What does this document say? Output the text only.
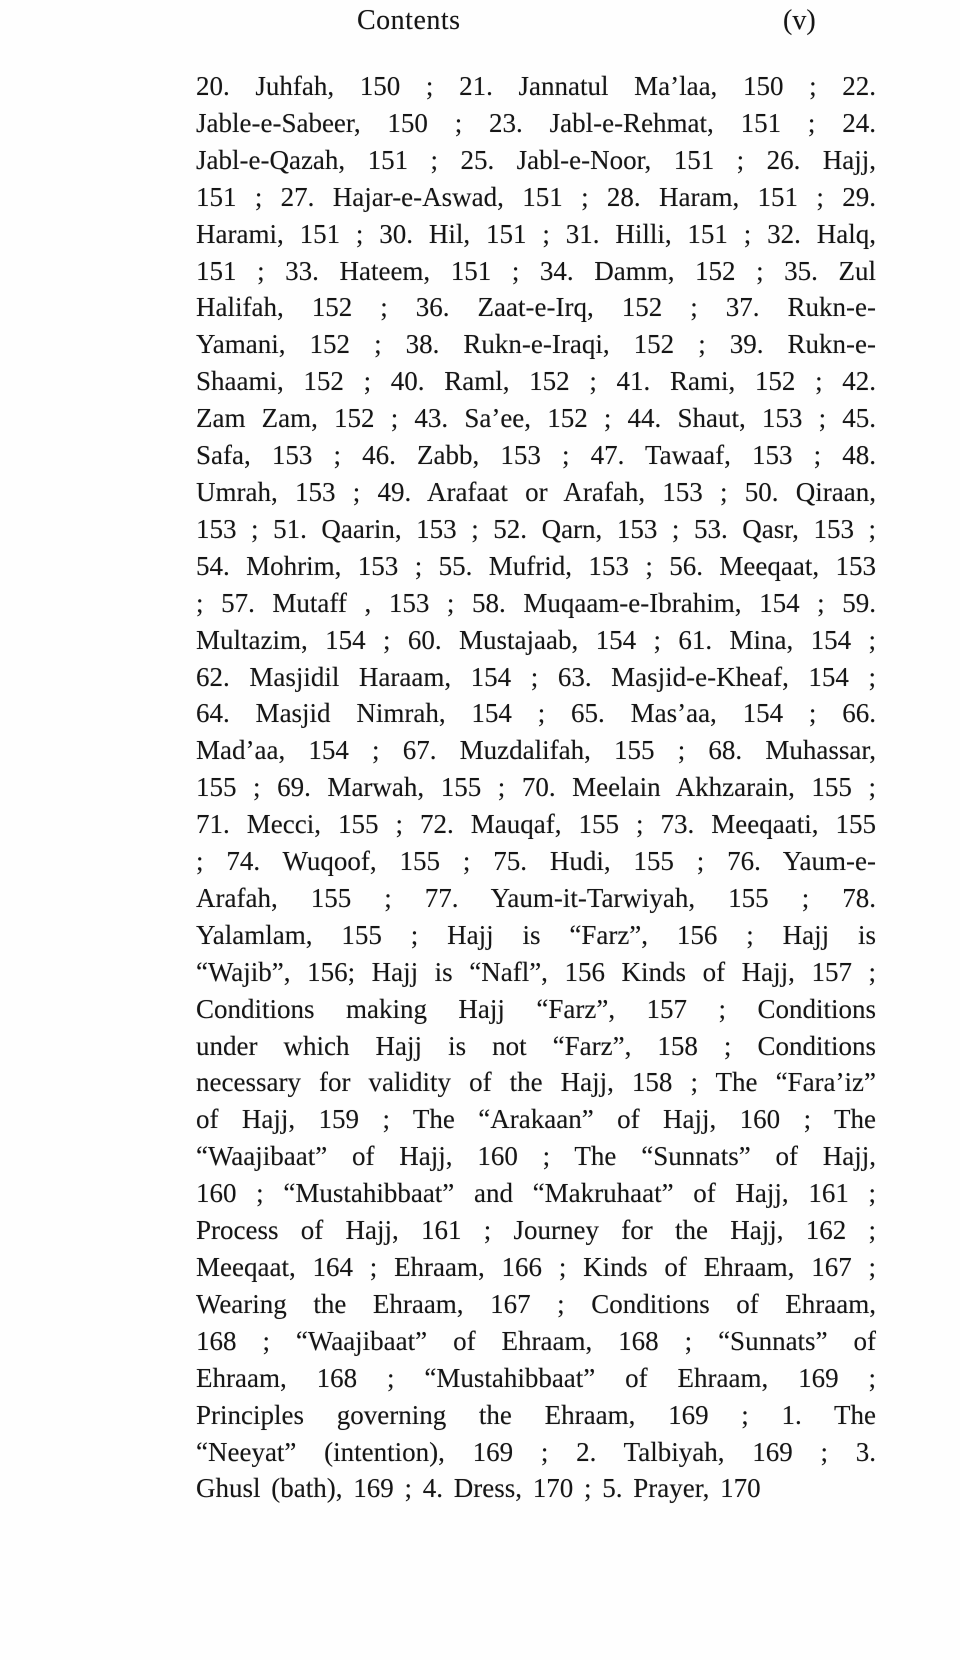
Contents	(v)
20. Juhfah, 150 ; 21. Jannatul Ma’laa, 150 ; 22.
Jable-e-Sabeer, 150 ; 23. Jabl-e-Rehmat, 151 ; 24.
Jabl-e-Qazah, 151 ; 25. Jabl-e-Noor, 151 ; 26. Hajj,
151 ; 27. Hajar-e-Aswad, 151 ; 28. Haram, 151 ; 29.
Harami, 151 ; 30. Hil, 151 ; 31. Hilli, 151 ; 32. Halq,
151 ; 33. Hateem, 151 ; 34. Damm, 152 ; 35. Zul
Halifah, 152 ; 36. Zaat-e-Irq, 152 ; 37. Rukn-e-
Yamani, 152 ; 38. Rukn-e-Iraqi, 152 ; 39. Rukn-e-
Shaami, 152 ; 40. Raml, 152 ; 41. Rami, 152 ; 42.
Zam Zam, 152 ; 43. Sa’ee, 152 ; 44. Shaut, 153 ; 45.
Safa, 153 ; 46. Zabb, 153 ; 47. Tawaaf, 153 ; 48.
Umrah, 153 ; 49. Arafaat or Arafah, 153 ; 50. Qiraan,
153 ; 51. Qaarin, 153 ; 52. Qarn, 153 ; 53. Qasr, 153 ;
54. Mohrim, 153 ; 55. Mufrid, 153 ; 56. Meeqaat, 153
; 57. Mutaff , 153 ; 58. Muqaam-e-Ibrahim, 154 ; 59.
Multazim, 154 ; 60. Mustajaab, 154 ; 61. Mina, 154 ;
62. Masjidil Haraam, 154 ; 63. Masjid-e-Kheaf, 154 ;
64. Masjid Nimrah, 154 ; 65. Mas’aa, 154 ; 66.
Mad’aa, 154 ; 67. Muzdalifah, 155 ; 68. Muhassar,
155 ; 69. Marwah, 155 ; 70. Meelain Akhzarain, 155 ;
71. Mecci, 155 ; 72. Mauqaf, 155 ; 73. Meeqaati, 155
; 74. Wuqoof, 155 ; 75. Hudi, 155 ; 76. Yaum-e-
Arafah, 155 ; 77. Yaum-it-Tarwiyah, 155 ; 78.
Yalamlam, 155 ; Hajj is “Farz”, 156 ; Hajj is
“Wajib”, 156; Hajj is “Nafl”, 156 Kinds of Hajj, 157 ;
Conditions making Hajj “Farz”, 157 ; Conditions
under which Hajj is not “Farz”, 158 ; Conditions
necessary for validity of the Hajj, 158 ; The “Fara’iz”
of Hajj, 159 ; The “Arakaan” of Hajj, 160 ; The
“Waajibaat” of Hajj, 160 ; The “Sunnats” of Hajj,
160 ; “Mustahibbaat” and “Makruhaat” of Hajj, 161 ;
Process of Hajj, 161 ; Journey for the Hajj, 162 ;
Meeqaat, 164 ; Ehraam, 166 ; Kinds of Ehraam, 167 ;
Wearing the Ehraam, 167 ; Conditions of Ehraam,
168 ; “Waajibaat” of Ehraam, 168 ; “Sunnats” of
Ehraam, 168 ; “Mustahibbaat” of Ehraam, 169 ;
Principles governing the Ehraam, 169 ; 1. The
“Neeyat” (intention), 169 ; 2. Talbiyah, 169 ; 3.
Ghusl (bath), 169 ; 4. Dress, 170 ; 5. Prayer, 170
